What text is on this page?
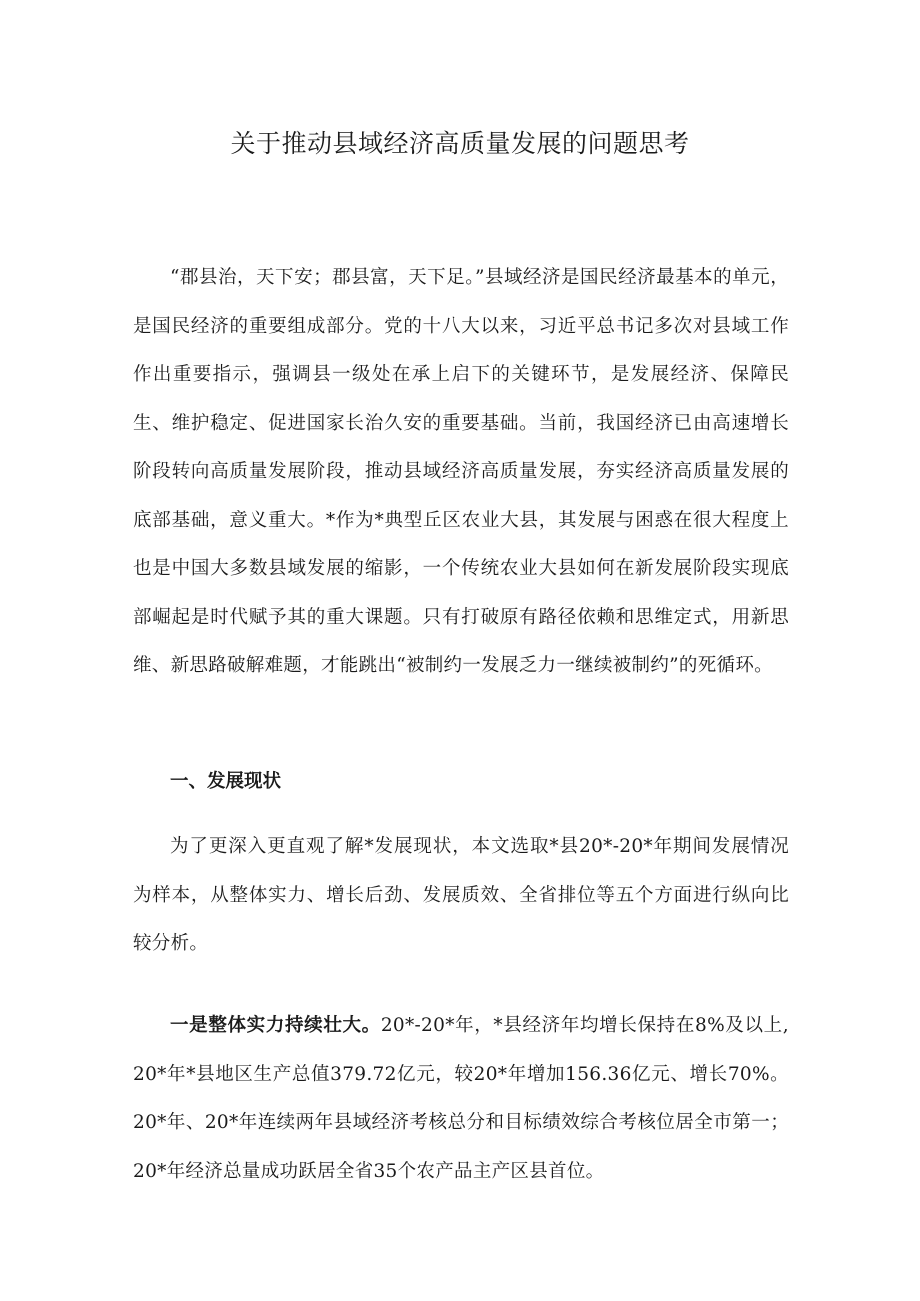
关于推动县域经济高质量发展的问题思考

“郡县治，天下安；郡县富，天下足。”县域经济是国民经济最基本的单元，是国民经济的重要组成部分。党的十八大以来，习近平总书记多次对县域工作作出重要指示，强调县一级处在承上启下的关键环节，是发展经济、保障民生、维护稳定、促进国家长治久安的重要基础。当前，我国经济已由高速增长阶段转向高质量发展阶段，推动县域经济高质量发展，夯实经济高质量发展的底部基础，意义重大。*作为*典型丘区农业大县，其发展与困惑在很大程度上也是中国大多数县域发展的缩影，一个传统农业大县如何在新发展阶段实现底部崛起是时代赋予其的重大课题。只有打破原有路径依赖和思维定式，用新思维、新思路破解难题，才能跳出“被制约一发展乏力一继续被制约”的死循环。

一、发展现状

为了更深入更直观了解*发展现状，本文选取*县20*-20*年期间发展情况为样本，从整体实力、增长后劲、发展质效、全省排位等五个方面进行纵向比较分析。

一是整体实力持续壮大。20*-20*年，*县经济年均增长保持在8%及以上,20*年*县地区生产总值379.72亿元，较20*年增加156.36亿元、增长70%。20*年、20*年连续两年县域经济考核总分和目标绩效综合考核位居全市第一；20*年经济总量成功跃居全省35个农产品主产区县首位。
